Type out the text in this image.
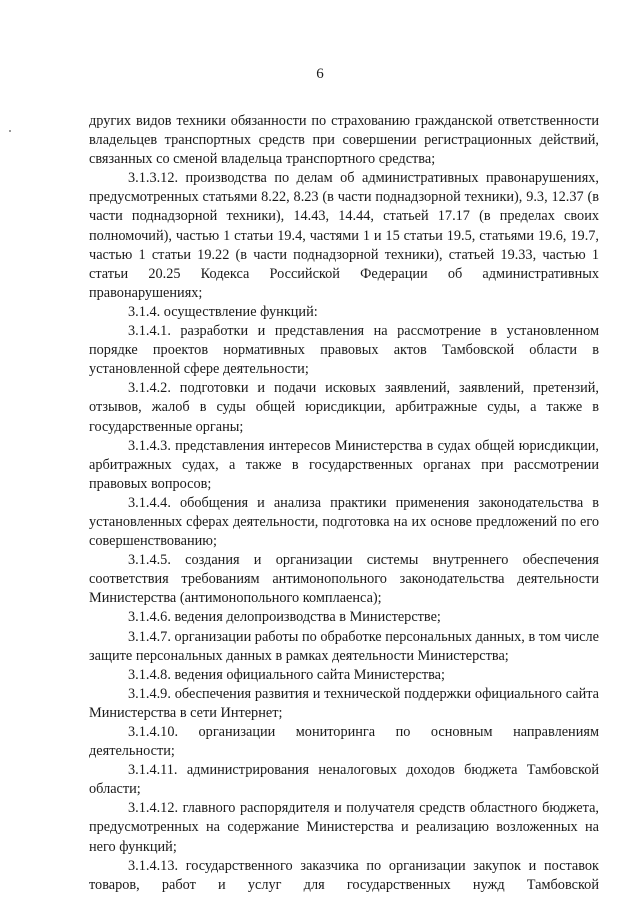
6

других видов техники обязанности по страхованию гражданской ответственности владельцев транспортных средств при совершении регистрационных действий, связанных со сменой владельца транспортного средства;

3.1.3.12. производства по делам об административных правонарушениях, предусмотренных статьями 8.22, 8.23 (в части поднадзорной техники), 9.3, 12.37 (в части поднадзорной техники), 14.43, 14.44, статьей 17.17 (в пределах своих полномочий), частью 1 статьи 19.4, частями 1 и 15 статьи 19.5, статьями 19.6, 19.7, частью 1 статьи 19.22 (в части поднадзорной техники), статьей 19.33, частью 1 статьи 20.25 Кодекса Российской Федерации об административных правонарушениях;

3.1.4. осуществление функций:

3.1.4.1. разработки и представления на рассмотрение в установленном порядке проектов нормативных правовых актов Тамбовской области в установленной сфере деятельности;

3.1.4.2. подготовки и подачи исковых заявлений, заявлений, претензий, отзывов, жалоб в суды общей юрисдикции, арбитражные суды, а также в государственные органы;

3.1.4.3. представления интересов Министерства в судах общей юрисдикции, арбитражных судах, а также в государственных органах при рассмотрении правовых вопросов;

3.1.4.4. обобщения и анализа практики применения законодательства в установленных сферах деятельности, подготовка на их основе предложений по его совершенствованию;

3.1.4.5. создания и организации системы внутреннего обеспечения соответствия требованиям антимонопольного законодательства деятельности Министерства (антимонопольного комплаенса);

3.1.4.6. ведения делопроизводства в Министерстве;

3.1.4.7. организации работы по обработке персональных данных, в том числе защите персональных данных в рамках деятельности Министерства;

3.1.4.8. ведения официального сайта Министерства;

3.1.4.9. обеспечения развития и технической поддержки официального сайта Министерства в сети Интернет;

3.1.4.10. организации мониторинга по основным направлениям деятельности;

3.1.4.11. администрирования неналоговых доходов бюджета Тамбовской области;

3.1.4.12. главного распорядителя и получателя средств областного бюджета, предусмотренных на содержание Министерства и реализацию возложенных на него функций;

3.1.4.13. государственного заказчика по организации закупок и поставок товаров, работ и услуг для государственных нужд Тамбовской
